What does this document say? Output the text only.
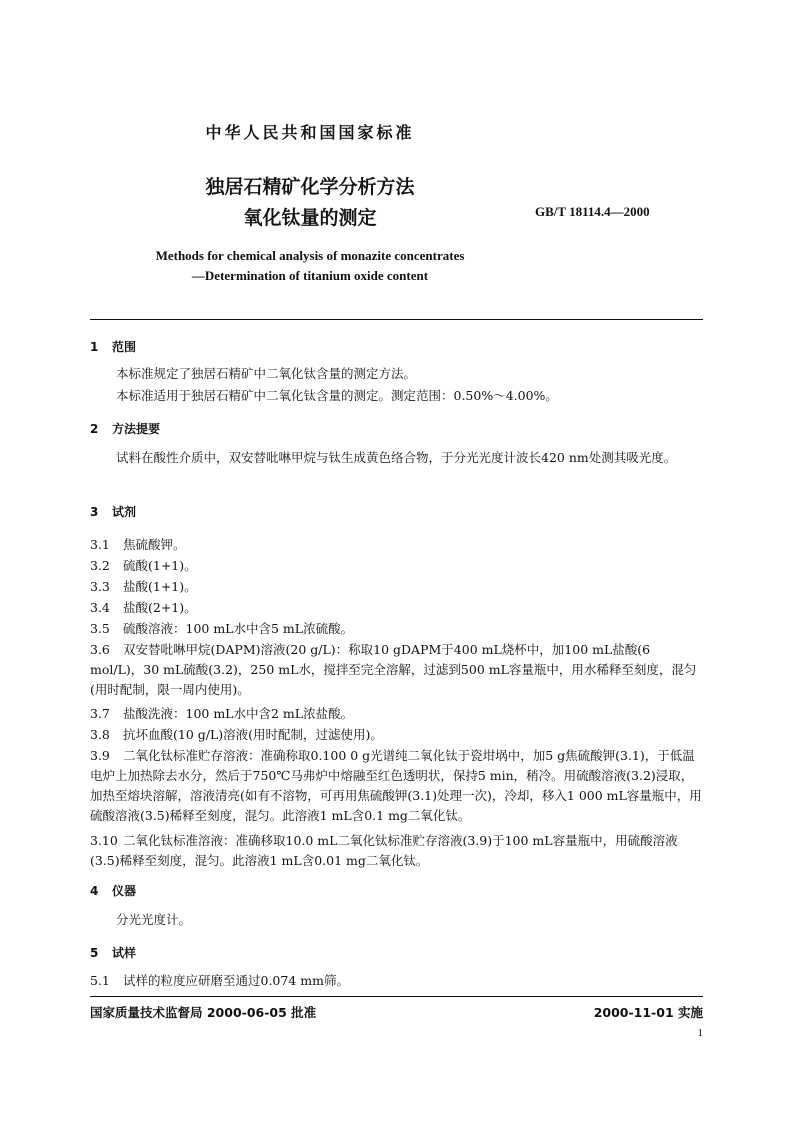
中华人民共和国国家标准
独居石精矿化学分析方法
氧化钛量的测定	GB/T 18114.4—2000
Methods for chemical analysis of monazite concentrates
—Determination of titanium oxide content
1 范围
本标准规定了独居石精矿中二氧化钛含量的测定方法。
本标准适用于独居石精矿中二氧化钛含量的测定。测定范围：0.50%～4.00%。
2 方法提要
试料在酸性介质中，双安替吡啉甲烷与钛生成黄色络合物，于分光光度计波长420 nm处测其吸光度。
3 试剂
3.1 焦硫酸钾。
3.2 硫酸(1+1)。
3.3 盐酸(1+1)。
3.4 盐酸(2+1)。
3.5 硫酸溶液：100 mL水中含5 mL浓硫酸。
3.6 双安替吡啉甲烷(DAPM)溶液(20 g/L)：称取10 gDAPM于400 mL烧杯中，加100 mL盐酸(6 mol/L)，30 mL硫酸(3.2)，250 mL水，搅拌至完全溶解，过滤到500 mL容量瓶中，用水稀释至刻度，混匀(用时配制，限一周内使用)。
3.7 盐酸洗液：100 mL水中含2 mL浓盐酸。
3.8 抗坏血酸(10 g/L)溶液(用时配制，过滤使用)。
3.9 二氧化钛标准贮存溶液：准确称取0.100 0 g光谱纯二氧化钛于瓷坩埚中，加5 g焦硫酸钾(3.1)，于低温电炉上加热除去水分，然后于750℃马弗炉中熔融至红色透明状，保持5 min，稍冷。用硫酸溶液(3.2)浸取，加热至熔块溶解，溶液清亮(如有不溶物，可再用焦硫酸钾(3.1)处理一次)，冷却，移入1 000 mL容量瓶中，用硫酸溶液(3.5)稀释至刻度，混匀。此溶液1 mL含0.1 mg二氧化钛。
3.10 二氧化钛标准溶液：准确移取10.0 mL二氧化钛标准贮存溶液(3.9)于100 mL容量瓶中，用硫酸溶液(3.5)稀释至刻度，混匀。此溶液1 mL含0.01 mg二氧化钛。
4 仪器
分光光度计。
5 试样
5.1 试样的粒度应研磨至通过0.074 mm筛。
国家质量技术监督局 2000-06-05 批准	2000-11-01 实施
1
